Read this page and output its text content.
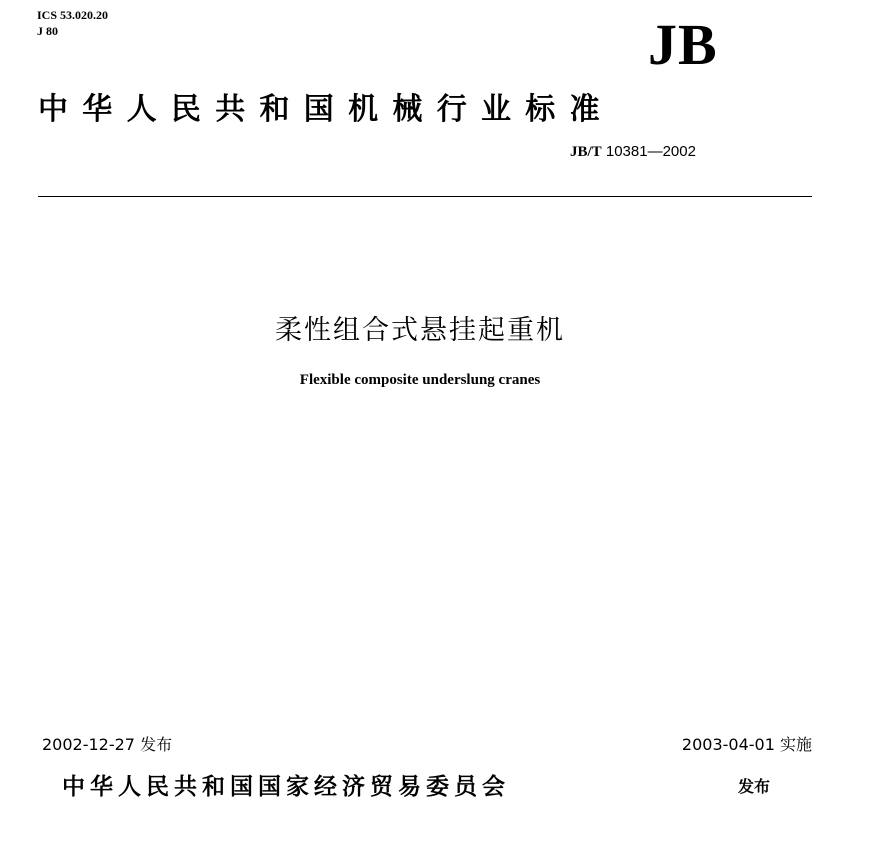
ICS 53.020.20
J 80	JB
中华人民共和国机械行业标准
JB/T 10381—2002
柔性组合式悬挂起重机
Flexible composite underslung cranes
2002-12-27 发布	2003-04-01 实施
中华人民共和国国家经济贸易委员会	发布
